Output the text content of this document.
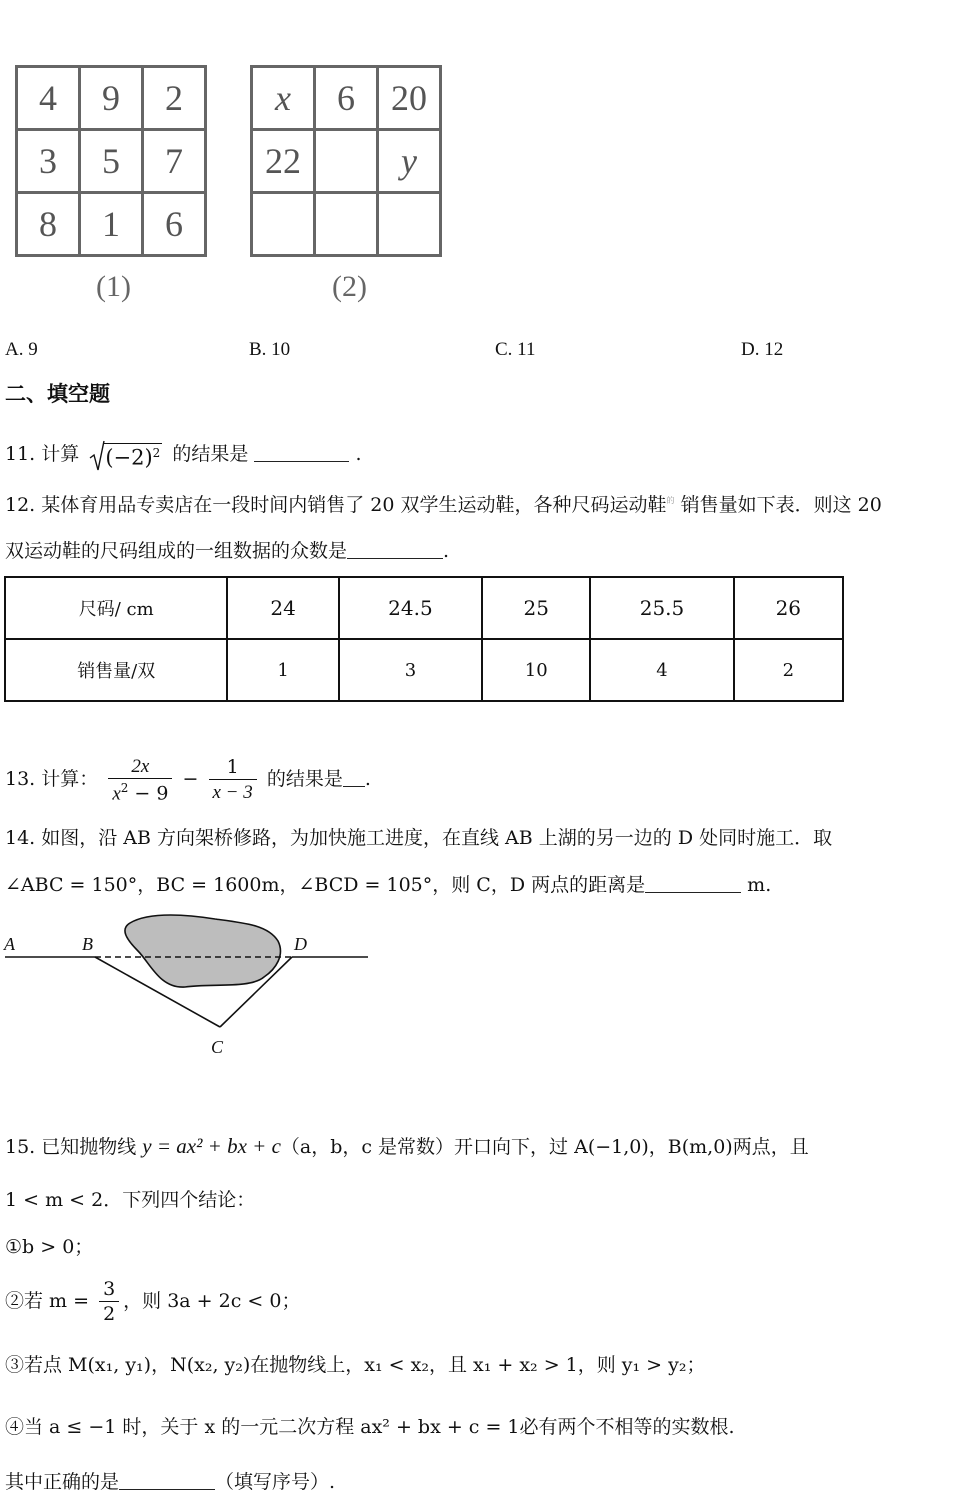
4	9	2
3	5	7
8	1	6
(1)
x	6	20
22		y

(2)
A. 9	B. 10	C. 11	D. 12
二、填空题
11. 计算 $(-2)^2$ 的结果是	.
12. 某体育用品专卖店在一段时间内销售了 20 双学生运动鞋，各种尺码运动鞋$^的$ 销售量如下表．则这 20
双运动鞋的尺码组成的一组数据的众数是	.
尺码/ cm	24	24.5	25	25.5	26
销售量/双	1	3	10	4	2
13. 计算： $\frac{2x}{x^2 - 9} - \frac{1}{x - 3}$ 的结果是 .
14. 如图，沿 AB 方向架桥修路，为加快施工进度，在直线 AB 上湖的另一边的 D 处同时施工．取
∠ABC = 150°，BC = 1600m，∠BCD = 105°，则 C，D 两点的距离是	m.
A	B	D
C
15. 已知抛物线 y = ax² + bx + c（a，b，c 是常数）开口向下，过 A(−1,0)，B(m,0)两点，且
1 < m < 2．下列四个结论：
①b > 0；
②若 $m = \frac{3}{2}$ ，则 3a + 2c < 0；
③若点 M(x₁, y₁)，N(x₂, y₂)在抛物线上，x₁ < x₂，且 x₁ + x₂ > 1，则 y₁ > y₂；
④当 a ≤ −1 时，关于 x 的一元二次方程 ax² + bx + c = 1必有两个不相等的实数根.
其中正确的是	（填写序号）.
